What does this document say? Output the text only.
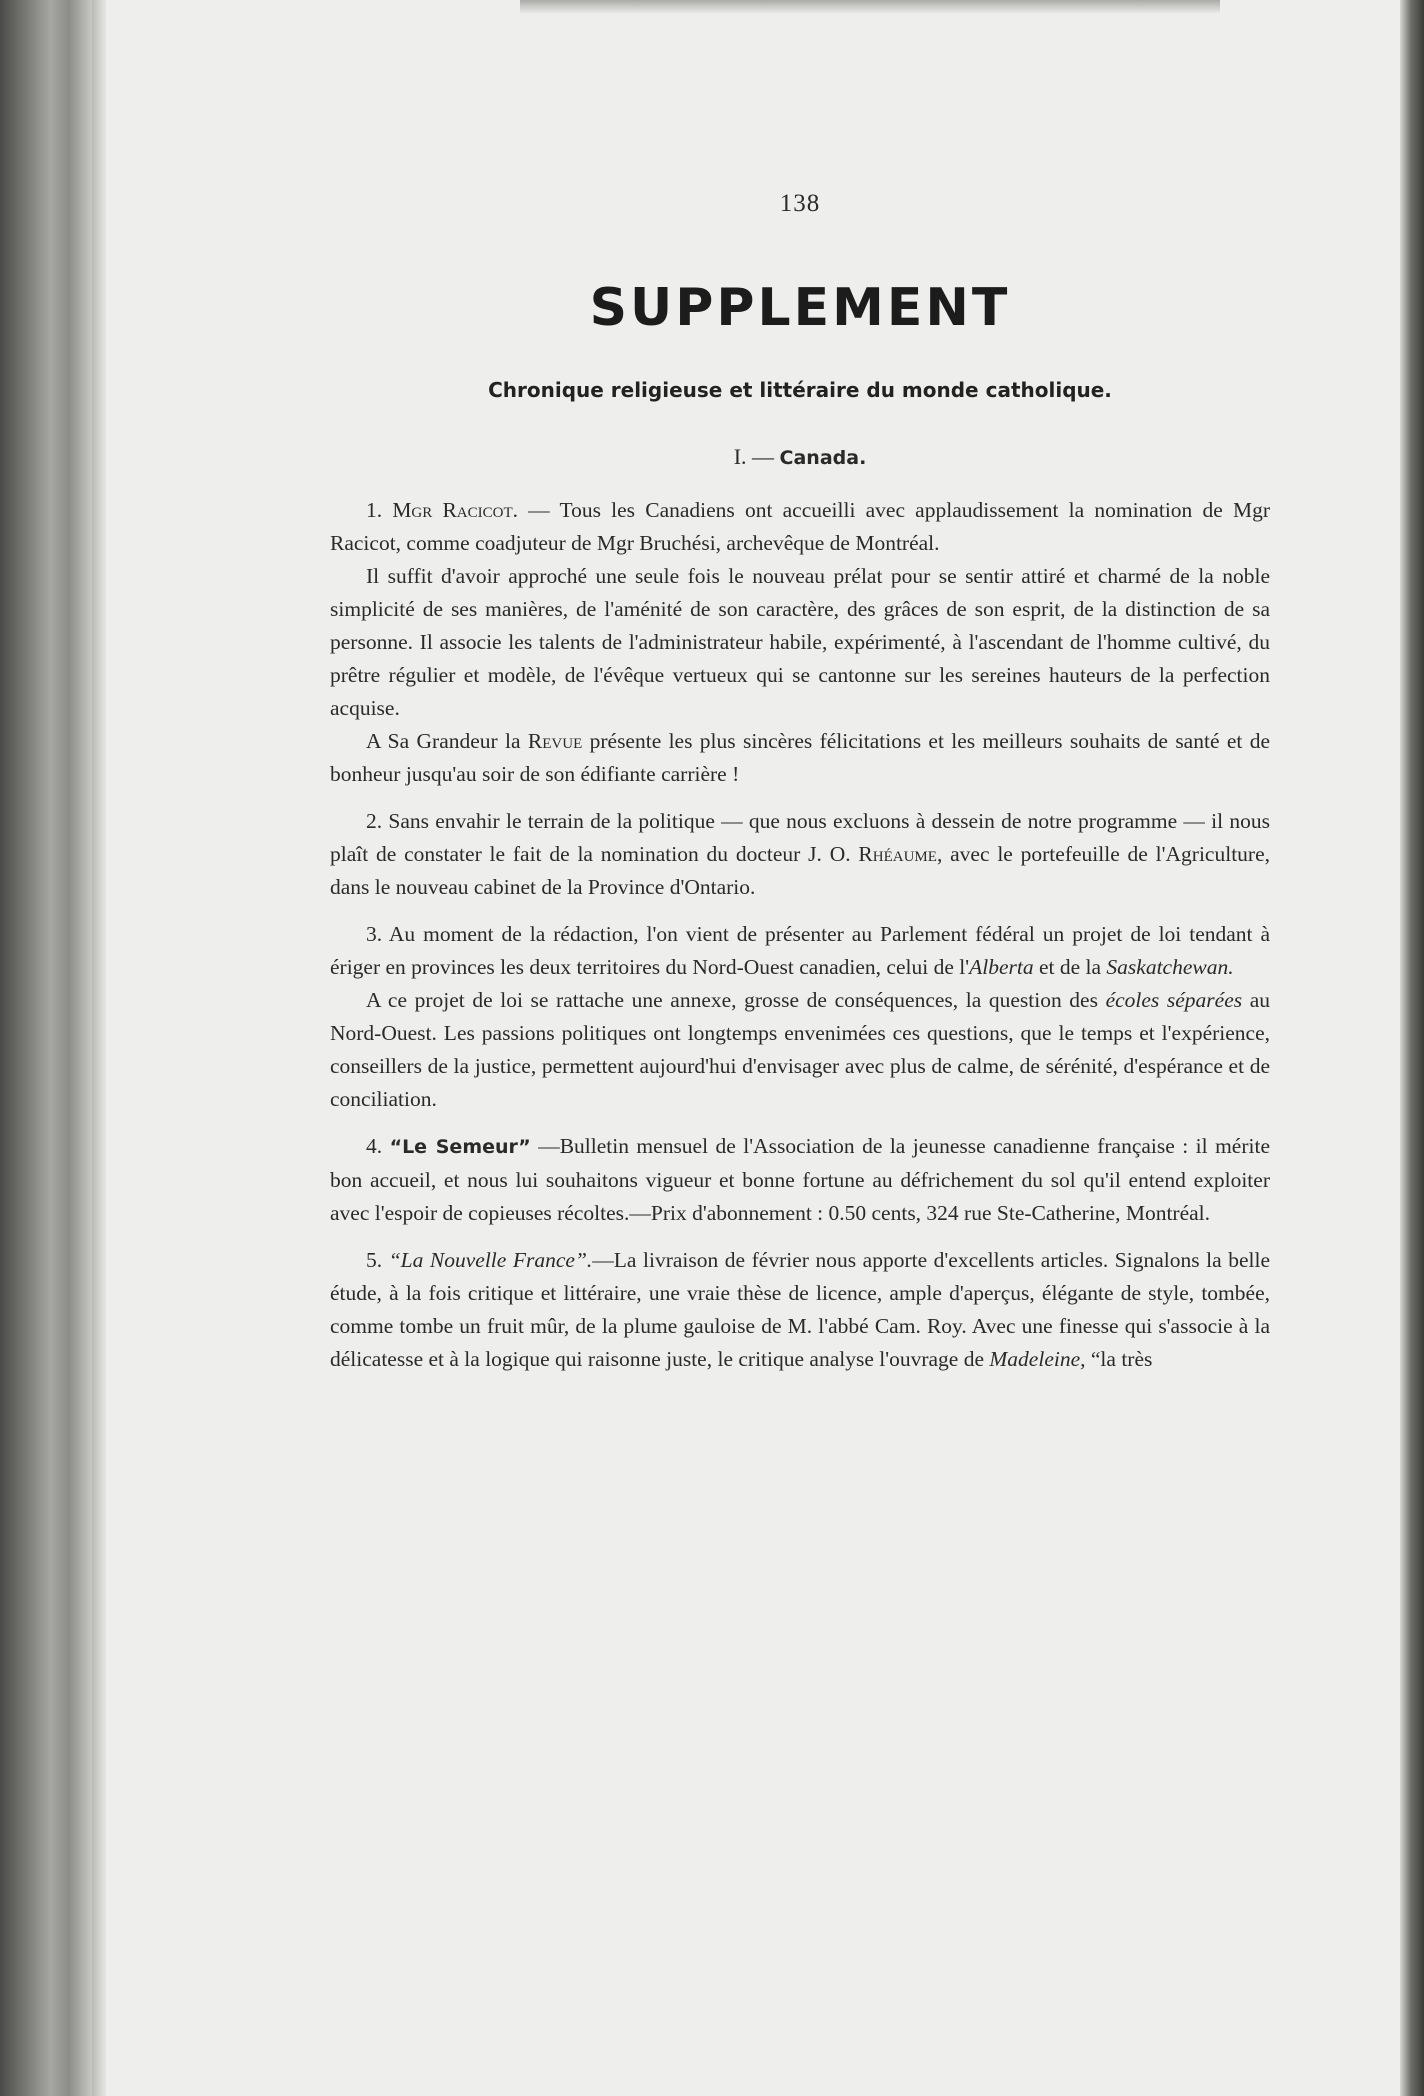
138

SUPPLEMENT

Chronique religieuse et littéraire du monde catholique.

I. — Canada.

1. Mgr Racicot. — Tous les Canadiens ont accueilli avec applaudissement la nomination de Mgr Racicot, comme coadjuteur de Mgr Bruchési, archevêque de Montréal.

Il suffit d'avoir approché une seule fois le nouveau prélat pour se sentir attiré et charmé de la noble simplicité de ses manières, de l'aménité de son caractère, des grâces de son esprit, de la distinction de sa personne. Il associe les talents de l'administrateur habile, expérimenté, à l'ascendant de l'homme cultivé, du prêtre régulier et modèle, de l'évêque vertueux qui se cantonne sur les sereines hauteurs de la perfection acquise.

A Sa Grandeur la Revue présente les plus sincères félicitations et les meilleurs souhaits de santé et de bonheur jusqu'au soir de son édifiante carrière !

2. Sans envahir le terrain de la politique — que nous excluons à dessein de notre programme — il nous plaît de constater le fait de la nomination du docteur J. O. Rhéaume, avec le portefeuille de l'Agriculture, dans le nouveau cabinet de la Province d'Ontario.

3. Au moment de la rédaction, l'on vient de présenter au Parlement fédéral un projet de loi tendant à ériger en provinces les deux territoires du Nord-Ouest canadien, celui de l'Alberta et de la Saskatchewan.

A ce projet de loi se rattache une annexe, grosse de conséquences, la question des écoles séparées au Nord-Ouest. Les passions politiques ont longtemps envenimées ces questions, que le temps et l'expérience, conseillers de la justice, permettent aujourd'hui d'envisager avec plus de calme, de sérénité, d'espérance et de conciliation.

4. “Le Semeur” —Bulletin mensuel de l'Association de la jeunesse canadienne française : il mérite bon accueil, et nous lui souhaitons vigueur et bonne fortune au défrichement du sol qu'il entend exploiter avec l'espoir de copieuses récoltes.—Prix d'abonnement : 0.50 cents, 324 rue Ste-Catherine, Montréal.

5. “La Nouvelle France”.—La livraison de février nous apporte d'excellents articles. Signalons la belle étude, à la fois critique et littéraire, une vraie thèse de licence, ample d'aperçus, élégante de style, tombée, comme tombe un fruit mûr, de la plume gauloise de M. l'abbé Cam. Roy. Avec une finesse qui s'associe à la délicatesse et à la logique qui raisonne juste, le critique analyse l'ouvrage de Madeleine, “la très
